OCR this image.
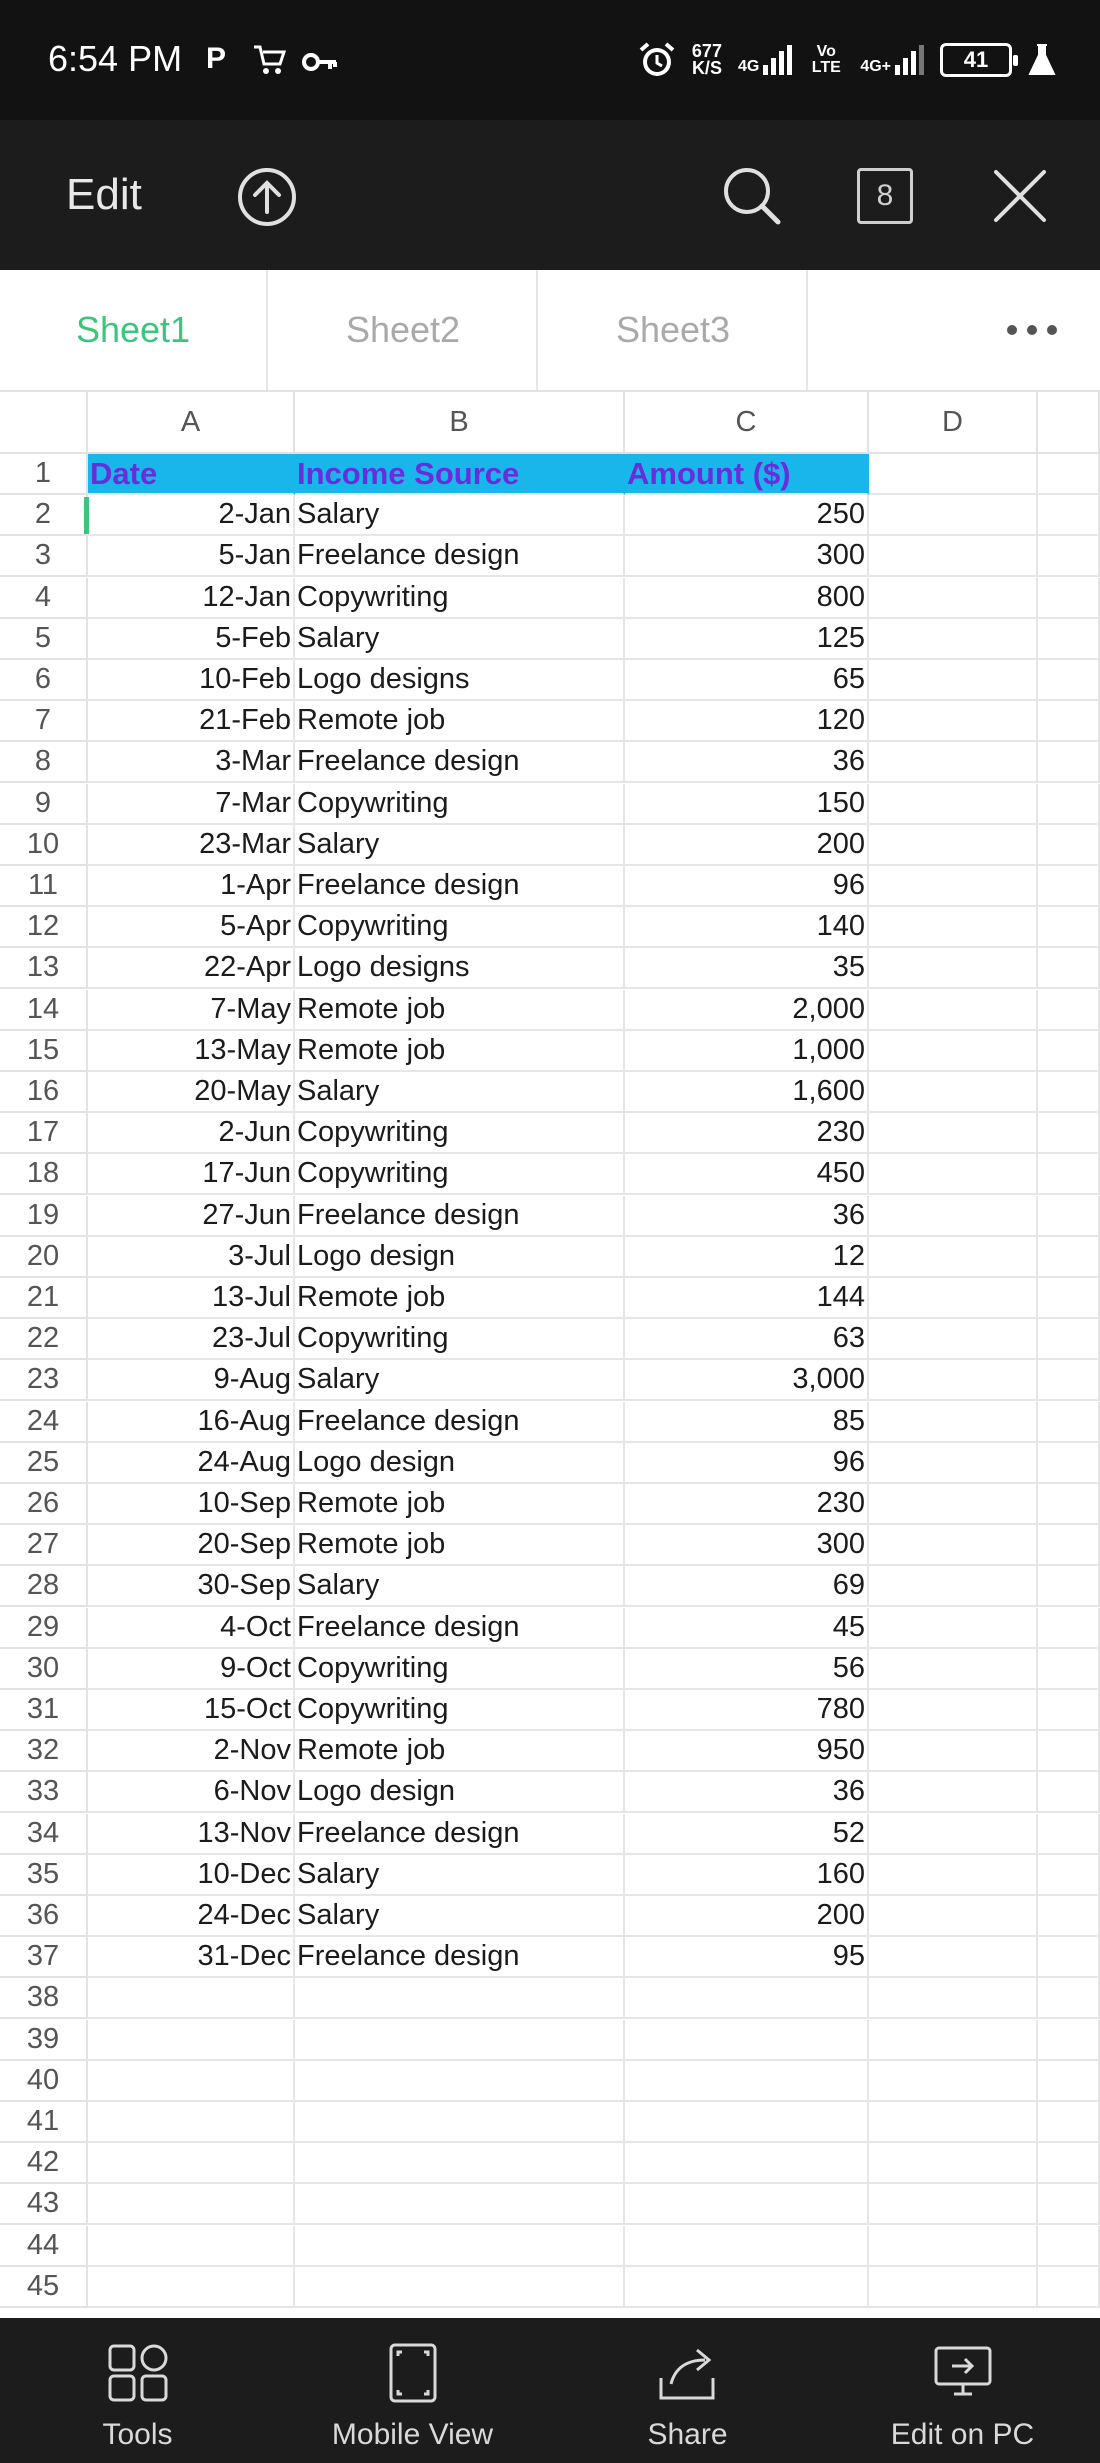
6:54 PM P	677
K/S 4G
Vo LTE 4G+	41
Edit	8
Sheet1	Sheet2	Sheet3
A	B	C	D
1	Date	Income Source	Amount ($)
2	2-Jan Salary	250
3	5-Jan Freelance design	300
4	12-Jan Copywriting	800
5	5-Feb Salary	125
6	10-Feb Logo designs	65
7	21-Feb Remote job	120
8	3-Mar Freelance design	36
9	7-Mar Copywriting	150
10	23-Mar Salary	200
11	1-Apr Freelance design	96
12	5-Apr Copywriting	140
13	22-Apr Logo designs	35
14	7-May Remote job	2,000
15	13-May Remote job	1,000
16	20-May Salary	1,600
17	2-Jun Copywriting	230
18	17-Jun Copywriting	450
19	27-Jun Freelance design	36
20	3-Jul Logo design	12
21	13-Jul Remote job	144
22	23-Jul Copywriting	63
23	9-Aug Salary	3,000
24	16-Aug Freelance design	85
25	24-Aug Logo design	96
26	10-Sep Remote job	230
27	20-Sep Remote job	300
28	30-Sep Salary	69
29	4-Oct Freelance design	45
30	9-Oct Copywriting	56
31	15-Oct Copywriting	780
32	2-Nov Remote job	950
33	6-Nov Logo design	36
34	13-Nov Freelance design	52
35	10-Dec Salary	160
36	24-Dec Salary	200
37	31-Dec Freelance design	95
38
39
40
41
42
43
44
45
Tools	Mobile View	Share	Edit on PC
